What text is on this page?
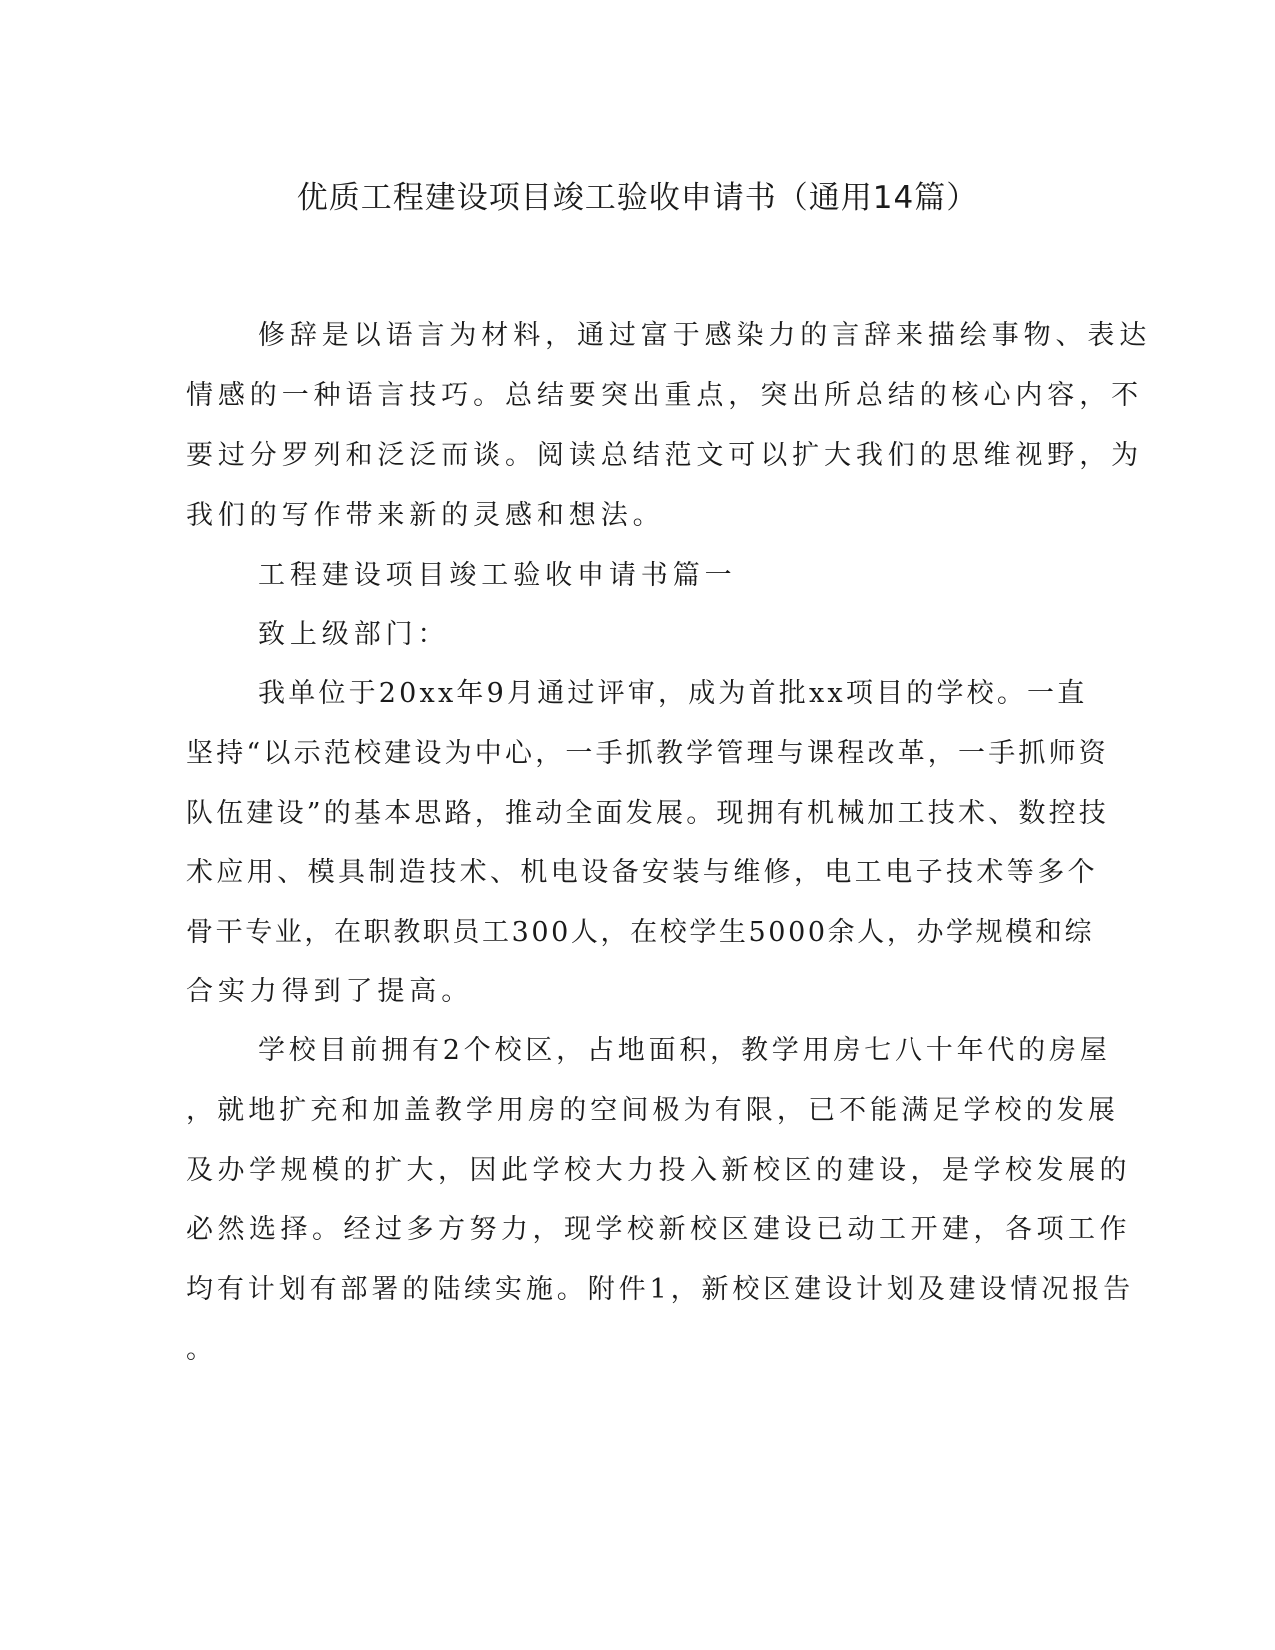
优质工程建设项目竣工验收申请书（通用14篇）
修辞是以语言为材料，通过富于感染力的言辞来描绘事物、表达
情感的一种语言技巧。总结要突出重点，突出所总结的核心内容，不
要过分罗列和泛泛而谈。阅读总结范文可以扩大我们的思维视野，为
我们的写作带来新的灵感和想法。
工程建设项目竣工验收申请书篇一
致上级部门：
我单位于20xx年9月通过评审，成为首批xx项目的学校。一直
坚持“以示范校建设为中心，一手抓教学管理与课程改革，一手抓师资
队伍建设”的基本思路，推动全面发展。现拥有机械加工技术、数控技
术应用、模具制造技术、机电设备安装与维修，电工电子技术等多个
骨干专业，在职教职员工300人，在校学生5000余人，办学规模和综
合实力得到了提高。
学校目前拥有2个校区，占地面积，教学用房七八十年代的房屋
，就地扩充和加盖教学用房的空间极为有限，已不能满足学校的发展
及办学规模的扩大，因此学校大力投入新校区的建设，是学校发展的
必然选择。经过多方努力，现学校新校区建设已动工开建，各项工作
均有计划有部署的陆续实施。附件1，新校区建设计划及建设情况报告
。
